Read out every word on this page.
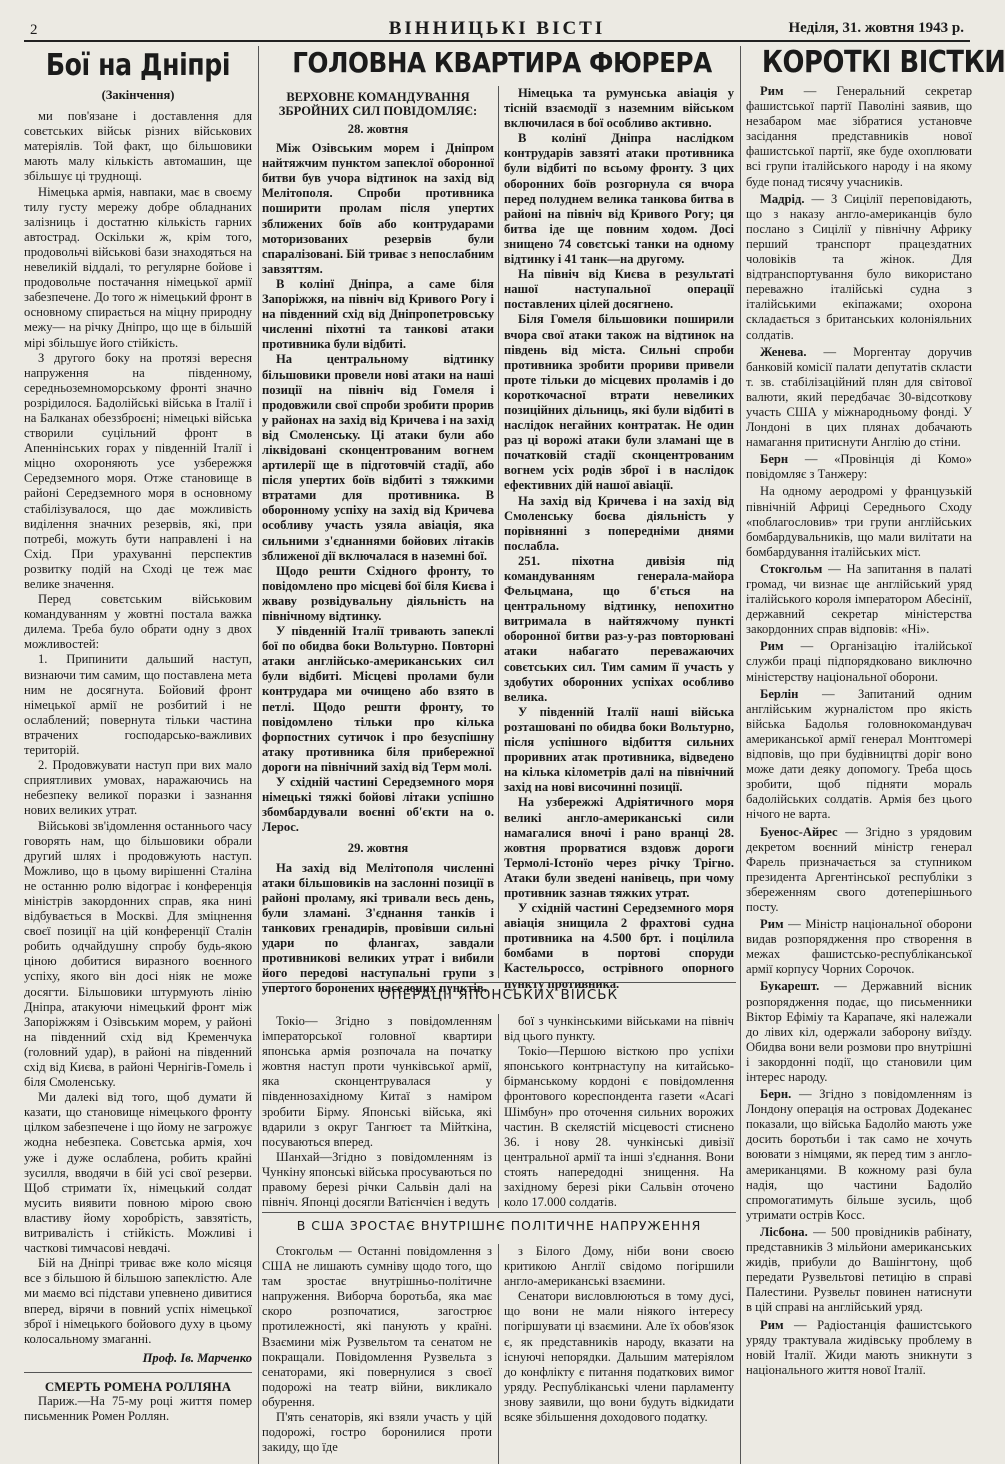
2	ВІННИЦЬКІ ВІСТІ	Неділя, 31. жовтня 1943 р.
Бої на Дніпрі
(Закінчення)

ми пов'язане і доставлення для совєтських військ різних військових матеріялів. Той факт, що більшовики мають малу кількість автомашин, ще збільшує ці труднощі.

Німецька армія, навпаки, має в своєму тилу густу мережу добре обладнаних залізниць і достатню кількість гарних автострад. Оскільки ж, крім того, продовольчі військові бази знаходяться на невеликій віддалі, то регулярне бойове і продовольче постачання німецької армії забезпечене. До того ж німецький фронт в основному спирається на міцну природну межу— на річку Дніпро, що ще в більшій мірі збільшує його стійкість.

З другого боку на протязі вересня напруження на південному, середньоземноморському фронті значно розрідилося. Бадолійські війська в Італії і на Балканах обеззброєні; німецькі війська створили суцільний фронт в Апеннінських горах у південній Італії і міцно охороняють усе узбережжя Середземного моря. Отже становище в районі Середземного моря в основному стабілізувалося, що дає можливість виділення значних резервів, які, при потребі, можуть бути направлені і на Схід. При урахуванні перспектив розвитку подій на Сході це теж має велике значення.

Перед совєтським військовим командуванням у жовтні постала важка дилема. Треба було обрати одну з двох можливостей:

1. Припинити дальший наступ, визнаючи тим самим, що поставлена мета ним не досягнута. Бойовий фронт німецької армії не розбитий і не ослаблений; повернута тільки частина втрачених господарсько-важливих територій.

2. Продовжувати наступ при вих мало сприятливих умовах, наражаючись на небезпеку великої поразки і зазнання нових великих утрат.

Військові зв'ідомлення останнього часу говорять нам, що більшовики обрали другий шлях і продовжують наступ. Можливо, що в цьому вирішенні Сталіна не останню ролю відограє і конференція міністрів закордонних справ, яка нині відбувається в Москві. Для зміцнення своєї позиції на цій конференції Сталін робить одчайдушну спробу будь-якою ціною добитися виразного воєнного успіху, якого він досі ніяк не може досягти. Більшовики штурмують лінію Дніпра, атакуючи німецький фронт між Запоріжжям і Озівським морем, у районі на південний схід від Кременчука (головний удар), в районі на південний схід від Києва, в районі Чернігів-Гомель і біля Смоленську.

Ми далекі від того, щоб думати й казати, що становище німецького фронту цілком забезпечене і що йому не загрожує жодна небезпека. Совєтська армія, хоч уже і дуже ослаблена, робить крайні зусилля, вводячи в бій усі свої резерви. Щоб стримати їх, німецький солдат мусить виявити повною мірою свою властиву йому хоробрість, завзятість, витривалість і стійкість. Можливі і часткові тимчасові невдачі.

Бій на Дніпрі триває вже коло місяця все з більшою й більшою запеклістю. Але ми маємо всі підстави упевнено дивитися вперед, вірячи в повний успіх німецької зброї і німецького бойового духу в цьому колосальному змаганні.

Проф. Ів. Марченко
СМЕРТЬ РОМЕНА РОЛЛЯНА

Париж.—На 75-му році життя помер письменник Ромен Роллян.

ГОЛОВНА КВАРТИРА ФЮРЕРА
ВЕРХОВНЕ КОМАНДУВАННЯ ЗБРОЙНИХ СИЛ ПОВІДОМЛЯЄ:
28. жовтня

Між Озівським морем і Дніпром найтяжчим пунктом запеклої оборонної битви був учора відтинок на захід від Мелітополя. Спроби противника поширити пролам після упертих зближених боїв або контрударами моторизованих резервів були спаралізовані. Бій триває з непослабним завзяттям.

В колінї Дніпра, а саме біля Запоріжжя, на північ від Кривого Рогу і на південний схід від Дніпропетровську численні піхотні та танкові атаки противника були відбиті.

На центральному відтинку більшовики провели нові атаки на наші позиції на північ від Гомеля і продовжили свої спроби зробити прорив у районах на захід від Кричева і на захід від Смоленську. Ці атаки були або ліквідовані сконцентрованим вогнем артилерії ще в підготовчій стадії, або після упертих боїв відбиті з тяжкими втратами для противника. В оборонному успіху на захід від Кричева особливу участь узяла авіація, яка сильними з'єднаннями бойових літаків зближеної дії включалася в наземні бої.

Щодо решти Східного фронту, то повідомлено про місцеві бої біля Києва і жваву розвідувальну діяльність на північному відтинку.

У південній Італії тривають запеклі бої по обидва боки Вольтурно. Повторні атаки англійсько-американських сил були відбиті. Місцеві пролами були контрудара ми очищено або взято в петлі. Щодо решти фронту, то повідомлено тільки про кілька форпостних сутичок і про безуспішну атаку противника біля прибережної дороги на північний захід від Терм молі.

У східній частині Середземного моря німецькі тяжкі бойові літаки успішно збомбардували воєнні об'єкти на о. Лерос.

29. жовтня

На захід від Мелітополя численні атаки більшовиків на заслонні позиції в районі проламу, які тривали весь день, були зламані. З'єднання танків і танкових гренадирів, провівши сильні удари по флангах, завдали противникові великих утрат і вибили його передові наступальні групи з упертого боронених населених пунктів.

Німецька та румунська авіація у тісній взаємодії з наземним військом включилася в бої особливо активно.

В колінї Дніпра наслідком контрударів завзяті атаки противника були відбиті по всьому фронту. З цих оборонних боїв розгорнула ся вчора перед полуднем велика танкова битва в районі на північ від Кривого Рогу; ця битва іде ще повним ходом. Досі знищено 74 совєтські танки на одному відтинку і 41 танк—на другому.

На північ від Києва в результаті нашої наступальної операції поставлених цілей досягнено.

Біля Гомеля більшовики поширили вчора свої атаки також на відтинок на південь від міста. Сильні спроби противника зробити прориви привели проте тільки до місцевих проламів і до короткочасної втрати невеликих позиційних дільниць, які були відбиті в наслідок негайних контратак. Не один раз ці ворожі атаки були зламані ще в початковій стадії сконцентрованим вогнем усіх родів зброї і в наслідок ефективних дій нашої авіації.

На захід від Кричева і на захід від Смоленську боєва діяльність у порівнянні з попередніми днями послабла.

251. піхотна дивізія під командуванням генерала-майора Фельцмана, що б'ється на центральному відтинку, непохитно витримала в найтяжчому пункті оборонної битви раз-у-раз повторювані атаки набагато переважаючих совєтських сил. Тим самим її участь у здобутих оборонних успіхах особливо велика.

У південній Італії наші війська розташовані по обидва боки Вольтурно, після успішного відбиття сильних проривних атак противника, відведено на кілька кілометрів далі на північний захід на нові височинні позиції.

На узбережжі Адріятичного моря великі англо-американські сили намагалися вночі і рано вранці 28. жовтня прорватися вздовж дороги Термолі-Істонїо через річку Трігно. Атаки були зведені нанівець, при чому противник зазнав тяжких утрат.

У східній частині Середземного моря авіація знищила 2 фрахтові судна противника на 4.500 брт. і поцілила бомбами в портові споруди Кастельроссо, острівного опорного пункту противника.

ОПЕРАЦІЇ ЯПОНСЬКИХ ВІЙСЬК

Токіо— Згідно з повідомленням імператорської головної квартири японська армія розпочала на початку жовтня наступ проти чунківської армії, яка сконцентрувалася у південнозахідному Китаї з наміром зробити Бірму. Японські війська, які вдарили з округ Тангюєт та Мійткіна, посуваються вперед.

Шанхай—Згідно з повідомленням із Чункіну японські війська просуваються по правому березі річки Сальвін далі на північ. Японці досягли Ватієнчієн і ведуть

бої з чункінськими військами на північ від цього пункту.

Токіо—Першою вісткою про успіхи японського контрнаступу на китайсько-бірманському кордоні є повідомлення фронтового кореспондента газети «Асагі Шімбун» про оточення сильних ворожих частин. В скелястій місцевості стиснено 36. і нову 28. чункінські дивізії центральної армії та інші з'єднання. Вони стоять напередодні знищення. На західному березі ріки Сальвін оточено коло 17.000 солдатів.

В США ЗРОСТАЄ ВНУТРІШНЄ ПОЛІТИЧНЕ НАПРУЖЕННЯ

Стокгольм — Останні повідомлення з США не лишають сумніву щодо того, що там зростає внутрішньо-політичне напруження. Виборча боротьба, яка має скоро розпочатися, загострює протилежності, які панують у країні. Взаємини між Рузвельтом та сенатом не покращали. Повідомлення Рузвельта з сенаторами, які повернулися з своєї подорожі на театр війни, викликало обурення.

П'ять сенаторів, які взяли участь у цій подорожі, гостро боронилися проти закиду, що їде

з Білого Дому, ніби вони своєю критикою Англії свідомо погіршили англо-американські взаємини.

Сенатори висловлюються в тому дусі, що вони не мали ніякого інтересу погіршувати ці взаємини. Але їх обов'язок є, як представників народу, вказати на існуючі непорядки. Дальшим матеріялом до конфлікту є питання податкових вимог уряду. Республіканські члени парламенту знову заявили, що вони будуть відкидати всяке збільшення доходового податку.

КОРОТКІ ВІСТКИ

Рим — Генеральний секретар фашистської партії Паволіні заявив, що незабаром має зібратися установче засідання представників нової фашистської партії, яке буде охоплювати всі групи італійського народу і на якому буде понад тисячу учасників.

Мадрід. — З Сицілії переповідають, що з наказу англо-американців було послано з Сицілії у північну Африку перший транспорт працездатних чоловіків та жінок. Для відтранспортування було використано переважно італійські судна з італійськими екіпажами; охорона складається з британських колоніяльних солдатів.

Женева. — Моргентау доручив банковій комісії палати депутатів скласти т. зв. стабілізаційний плян для світової валюти, який передбачає 30-відсоткову участь США у міжнародньому фонді. У Лондоні в цих плянах добачають намагання притиснути Англію до стіни.

Берн — «Провінція ді Комо» повідомляє з Танжеру:

На одному аеродромі у французькій північній Африці Середнього Сходу «поблагословив» три групи англійських бомбардувальників, що мали вилітати на бомбардування італійських міст.

Стокгольм — На запитання в палаті громад, чи визнає ще англійський уряд італійського короля імператором Абесінії, державний секретар міністерства закордонних справ відповів: «Ні».

Рим — Організацію італійської служби праці підпорядковано виключно міністерству національної оборони.

Берлін — Запитаний одним англійським журналістом про якість війська Бадолья головнокомандувач американської армії генерал Монтгомері відповів, що при будівництві доріг воно може дати деяку допомогу. Треба щось зробити, щоб підняти мораль бадолійських солдатів. Армія без цього нічого не варта.

Буенос-Айрес — Згідно з урядовим декретом воєнний міністр генерал Фарель призначається за ступником президента Аргентінської республіки з збереженням свого дотеперішнього посту.

Рим — Міністр національної оборони видав розпорядження про створення в межах фашистсько-республіканської армії корпусу Чорних Сорочок.

Букарешт. — Державний вісник розпорядження подає, що письменники Віктор Ефіміу та Карапаче, які належали до лівих кіл, одержали заборону виїзду. Обидва вони вели розмови про внутрішні і закордонні події, що становили цим інтерес народу.

Берн. — Згідно з повідомленням із Лондону операція на островах Додеканес показали, що війська Бадолйо мають уже досить боротьби і так само не хочуть воювати з німцями, як перед тим з англо-американцями. В кожному разі була надія, що частини Бадолйо спромогатимуть більше зусиль, щоб утримати острів Косс.

Лісбона. — 500 провідників рабінату, представників 3 мільйони американських жидів, прибули до Вашінгтону, щоб передати Рузвельтові петицію в справі Палестини. Рузвельт повинен натиснути в цій справі на англійський уряд.

Рим — Радіостанція фашистського уряду трактувала жидівську проблему в новій Італії. Жиди мають зникнути з національного життя нової Італії.
